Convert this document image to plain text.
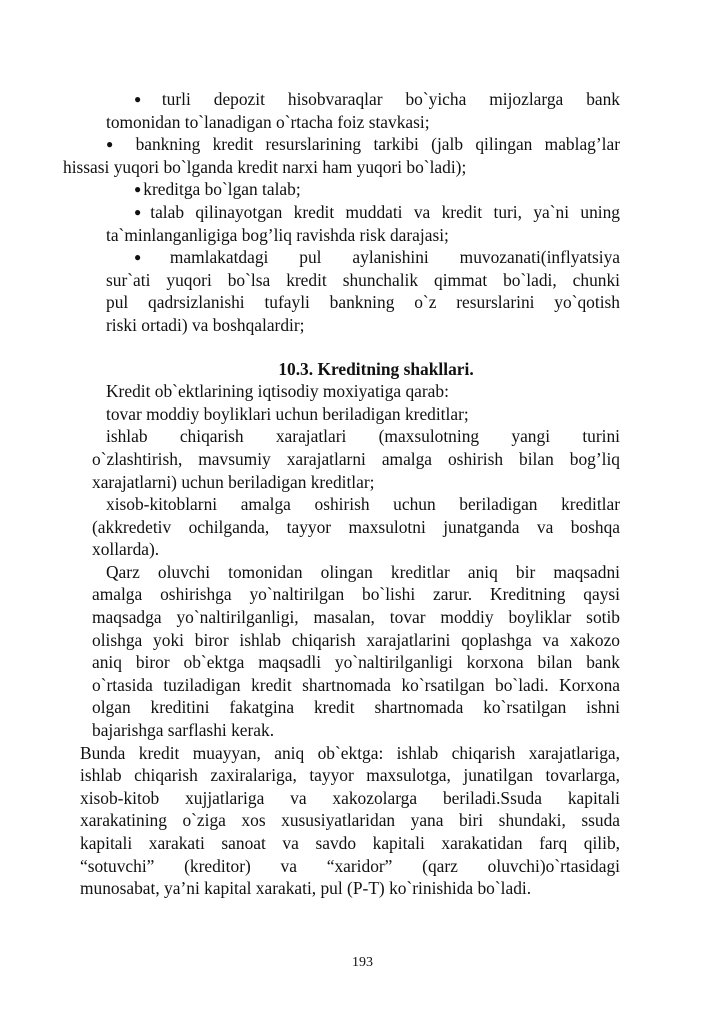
● turli depozit hisobvaraqlar bo`yicha mijozlarga bank

tomonidan to`lanadigan o`rtacha foiz stavkasi;

● bankning kredit resurslarining tarkibi (jalb qilingan mablag’lar

hissasi yuqori bo`lganda kredit narxi ham yuqori bo`ladi);

● kreditga bo`lgan talab;

● talab qilinayotgan kredit muddati va kredit turi, ya`ni uning

ta`minlanganligiga bog’liq ravishda risk darajasi;

● mamlakatdagi pul aylanishini muvozanati(inflyatsiya

sur`ati yuqori bo`lsa kredit shunchalik qimmat bo`ladi, chunki

pul qadrsizlanishi tufayli bankning o`z resurslarini yo`qotish

riski ortadi) va boshqalardir;

10.3. Kreditning shakllari.

Kredit ob`ektlarining iqtisodiy moxiyatiga qarab:

tovar moddiy boyliklari uchun beriladigan kreditlar;

ishlab chiqarish xarajatlari (maxsulotning yangi turini

o`zlashtirish, mavsumiy xarajatlarni amalga oshirish bilan bog’liq

xarajatlarni) uchun beriladigan kreditlar;

xisob-kitoblarni amalga oshirish uchun beriladigan kreditlar

(akkredetiv ochilganda, tayyor maxsulotni junatganda va boshqa

xollarda).

Qarz oluvchi tomonidan olingan kreditlar aniq bir maqsadni

amalga oshirishga yo`naltirilgan bo`lishi zarur. Kreditning qaysi

maqsadga yo`naltirilganligi, masalan, tovar moddiy boyliklar sotib

olishga yoki biror ishlab chiqarish xarajatlarini qoplashga va xakozo

aniq biror ob`ektga maqsadli yo`naltirilganligi korxona bilan bank

o`rtasida tuziladigan kredit shartnomada ko`rsatilgan bo`ladi. Korxona

olgan kreditini fakatgina kredit shartnomada ko`rsatilgan ishni

bajarishga sarflashi kerak.

Bunda kredit muayyan, aniq ob`ektga: ishlab chiqarish xarajatlariga,

ishlab chiqarish zaxiralariga, tayyor maxsulotga, junatilgan tovarlarga,

xisob-kitob xujjatlariga va xakozolarga beriladi.Ssuda kapitali

xarakatining o`ziga xos xususiyatlaridan yana biri shundaki, ssuda

kapitali xarakati sanoat va savdo kapitali xarakatidan farq qilib,

“sotuvchi” (kreditor) va “xaridor” (qarz oluvchi)o`rtasidagi

munosabat, ya’ni kapital xarakati, pul (P-T) ko`rinishida bo`ladi.

193
